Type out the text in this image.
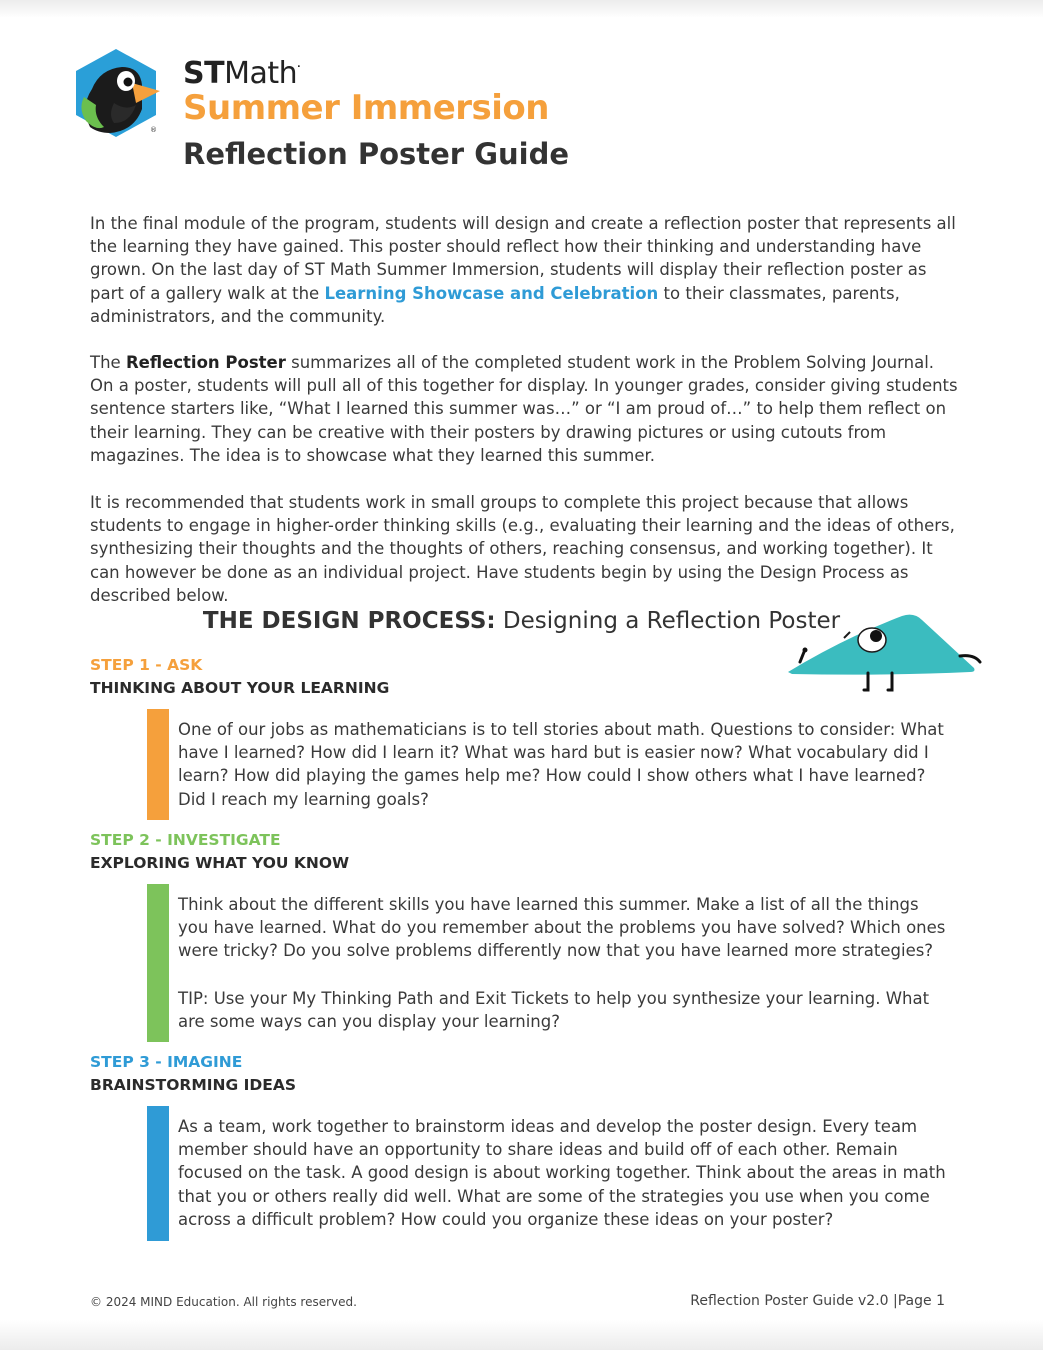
®
STMath.
Summer Immersion
Reflection Poster Guide
In the final module of the program, students will design and create a reflection poster that represents all the learning they have gained. This poster should reflect how their thinking and understanding have grown. On the last day of ST Math Summer Immersion, students will display their reflection poster as part of a gallery walk at the Learning Showcase and Celebration to their classmates, parents, administrators, and the community.
The Reflection Poster summarizes all of the completed student work in the Problem Solving Journal. On a poster, students will pull all of this together for display. In younger grades, consider giving students sentence starters like, “What I learned this summer was…” or “I am proud of…” to help them reflect on their learning. They can be creative with their posters by drawing pictures or using cutouts from magazines. The idea is to showcase what they learned this summer.
It is recommended that students work in small groups to complete this project because that allows students to engage in higher-order thinking skills (e.g., evaluating their learning and the ideas of others, synthesizing their thoughts and the thoughts of others, reaching consensus, and working together). It can however be done as an individual project. Have students begin by using the Design Process as described below.
THE DESIGN PROCESS: Designing a Reflection Poster
STEP 1 - ASK
THINKING ABOUT YOUR LEARNING
One of our jobs as mathematicians is to tell stories about math. Questions to consider: What have I learned? How did I learn it? What was hard but is easier now? What vocabulary did I learn? How did playing the games help me? How could I show others what I have learned? Did I reach my learning goals?
STEP 2 - INVESTIGATE
EXPLORING WHAT YOU KNOW
Think about the different skills you have learned this summer. Make a list of all the things you have learned. What do you remember about the problems you have solved? Which ones were tricky? Do you solve problems differently now that you have learned more strategies?
TIP: Use your My Thinking Path and Exit Tickets to help you synthesize your learning. What are some ways can you display your learning?
STEP 3 - IMAGINE
BRAINSTORMING IDEAS
As a team, work together to brainstorm ideas and develop the poster design. Every team member should have an opportunity to share ideas and build off of each other. Remain focused on the task. A good design is about working together. Think about the areas in math that you or others really did well. What are some of the strategies you use when you come across a difficult problem? How could you organize these ideas on your poster?
© 2024 MIND Education. All rights reserved.	Reflection Poster Guide v2.0 |Page 1
